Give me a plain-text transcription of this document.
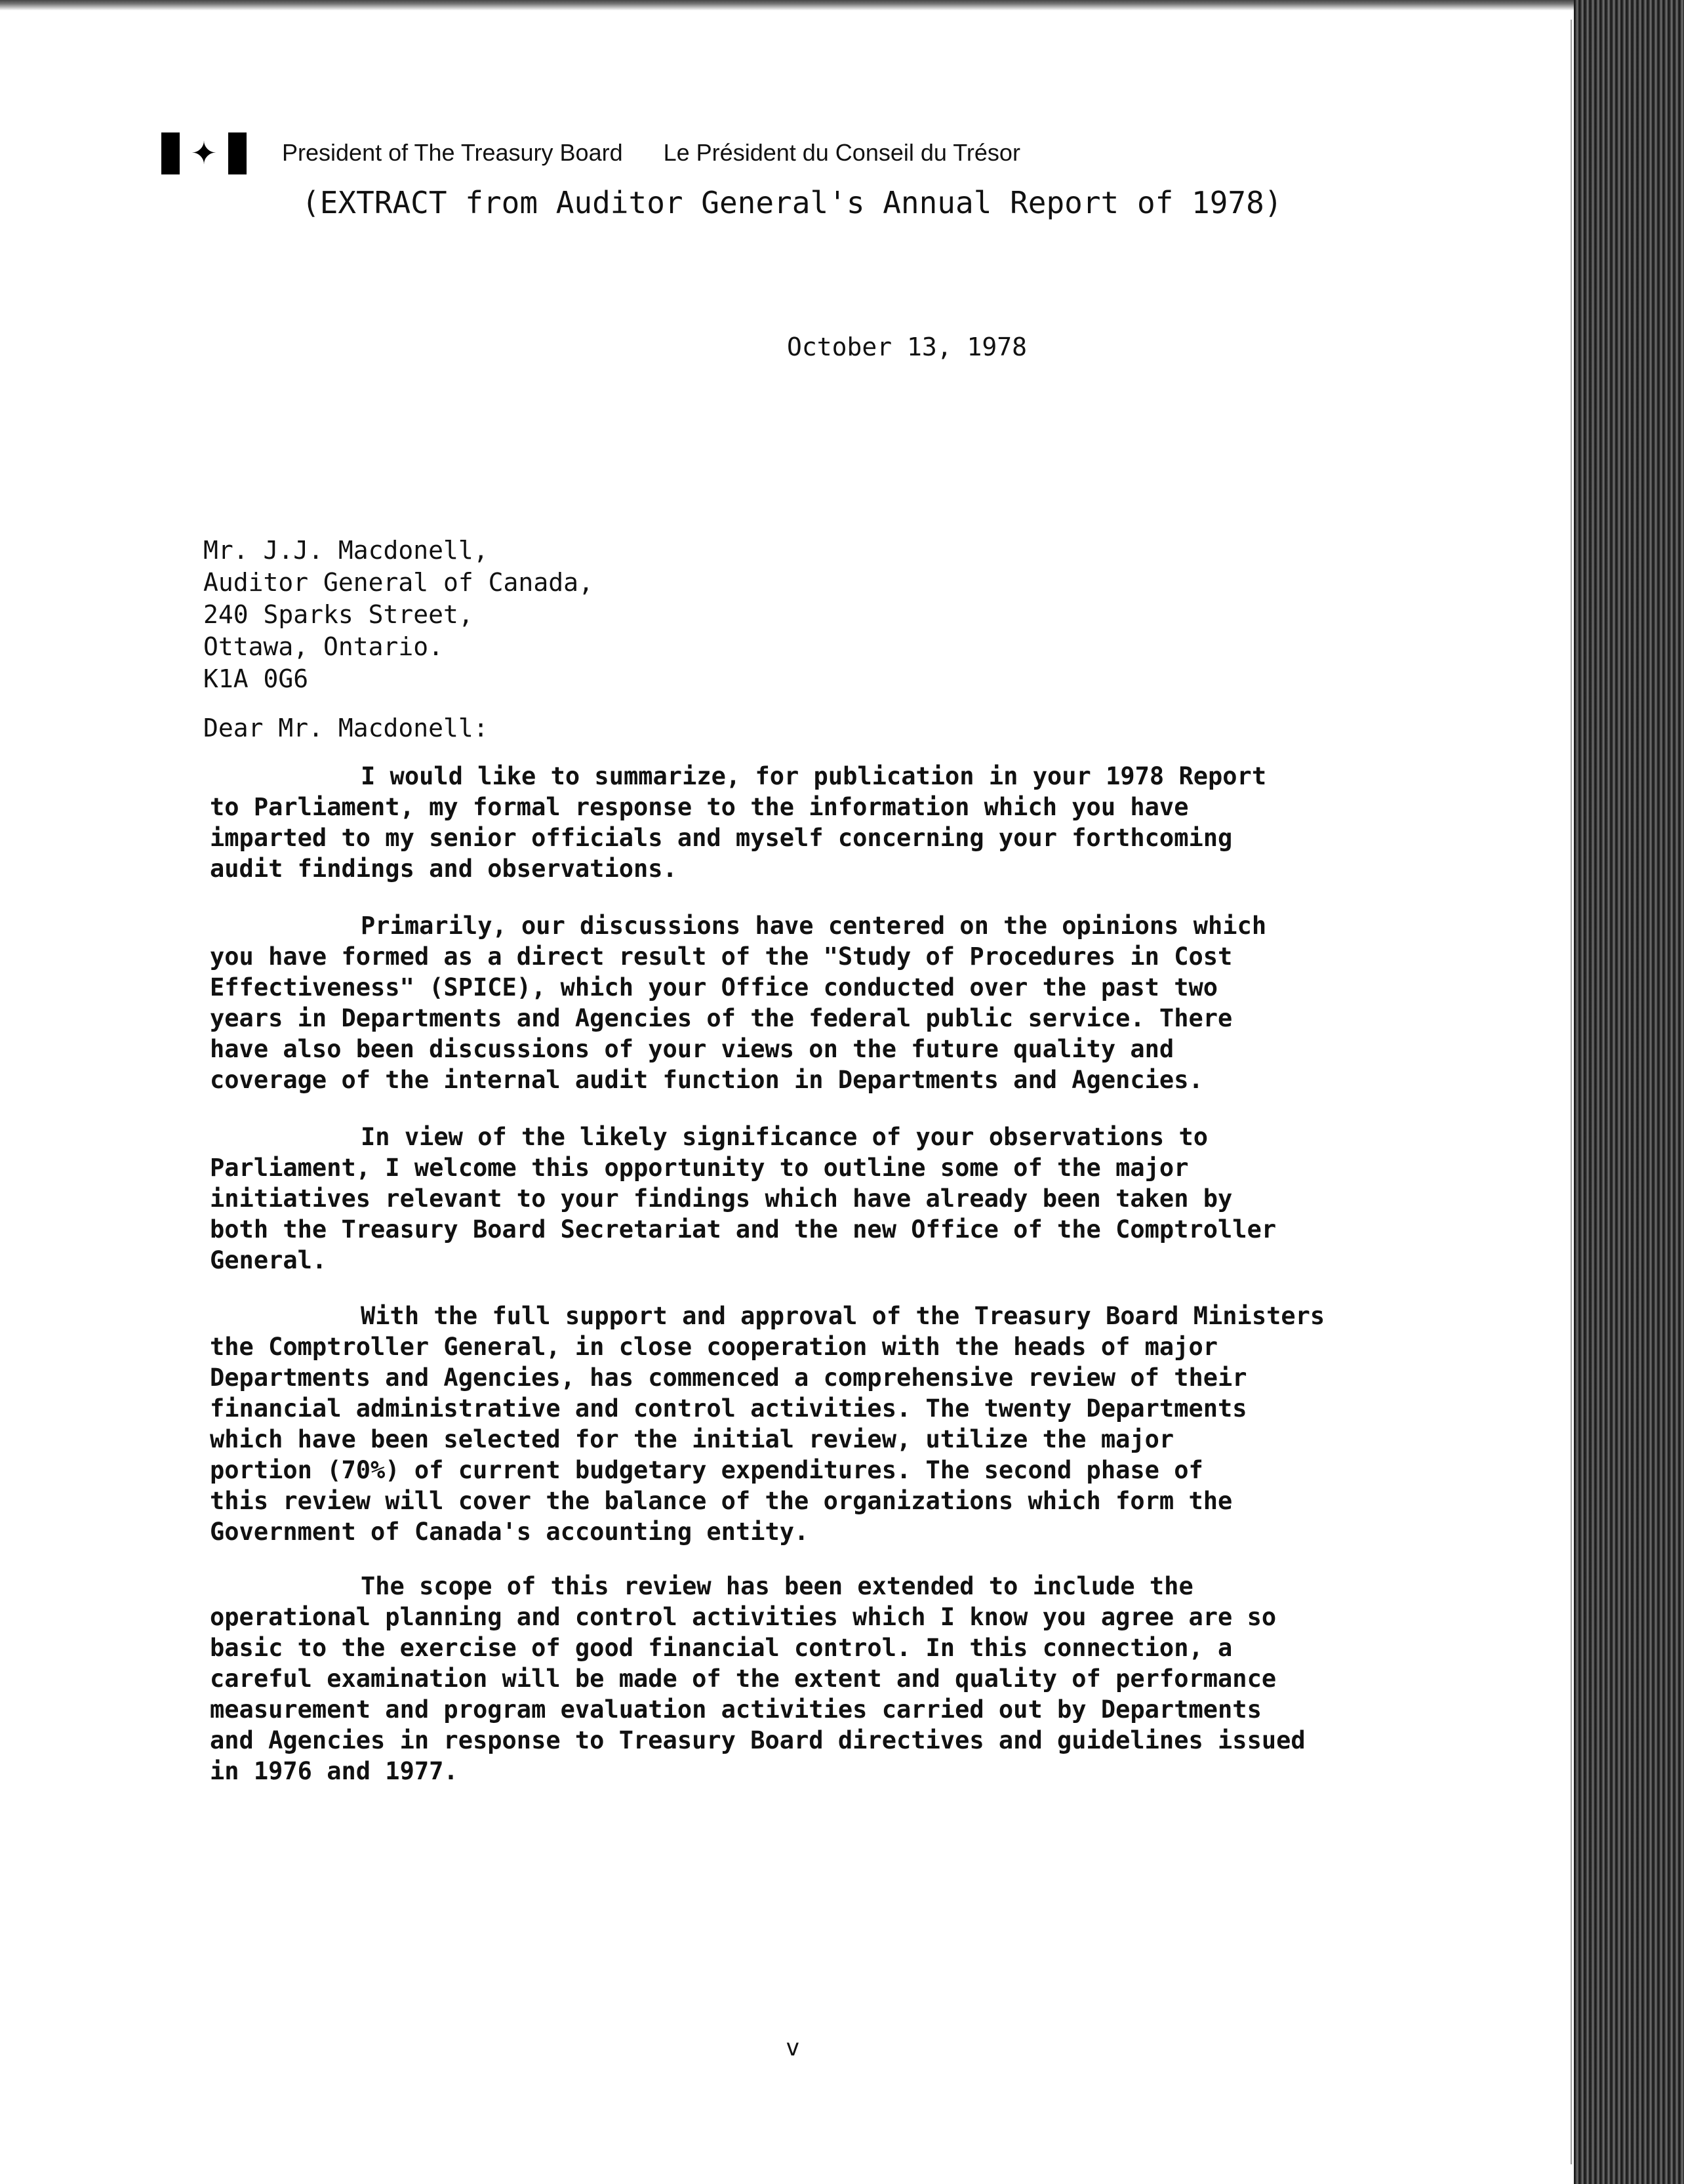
✦	President of The Treasury Board Le Président du Conseil du Trésor
(EXTRACT from Auditor General's Annual Report of 1978)
October 13, 1978
Mr. J.J. Macdonell,
Auditor General of Canada,
240 Sparks Street,
Ottawa, Ontario.
K1A 0G6
Dear Mr. Macdonell:
I would like to summarize, for publication in your 1978 Report
to Parliament, my formal response to the information which you have
imparted to my senior officials and myself concerning your forthcoming
audit findings and observations.
Primarily, our discussions have centered on the opinions which
you have formed as a direct result of the "Study of Procedures in Cost
Effectiveness" (SPICE), which your Office conducted over the past two
years in Departments and Agencies of the federal public service. There
have also been discussions of your views on the future quality and
coverage of the internal audit function in Departments and Agencies.
In view of the likely significance of your observations to
Parliament, I welcome this opportunity to outline some of the major
initiatives relevant to your findings which have already been taken by
both the Treasury Board Secretariat and the new Office of the Comptroller
General.
With the full support and approval of the Treasury Board Ministers
the Comptroller General, in close cooperation with the heads of major
Departments and Agencies, has commenced a comprehensive review of their
financial administrative and control activities. The twenty Departments
which have been selected for the initial review, utilize the major
portion (70%) of current budgetary expenditures. The second phase of
this review will cover the balance of the organizations which form the
Government of Canada's accounting entity.
The scope of this review has been extended to include the
operational planning and control activities which I know you agree are so
basic to the exercise of good financial control. In this connection, a
careful examination will be made of the extent and quality of performance
measurement and program evaluation activities carried out by Departments
and Agencies in response to Treasury Board directives and guidelines issued
in 1976 and 1977.
v
